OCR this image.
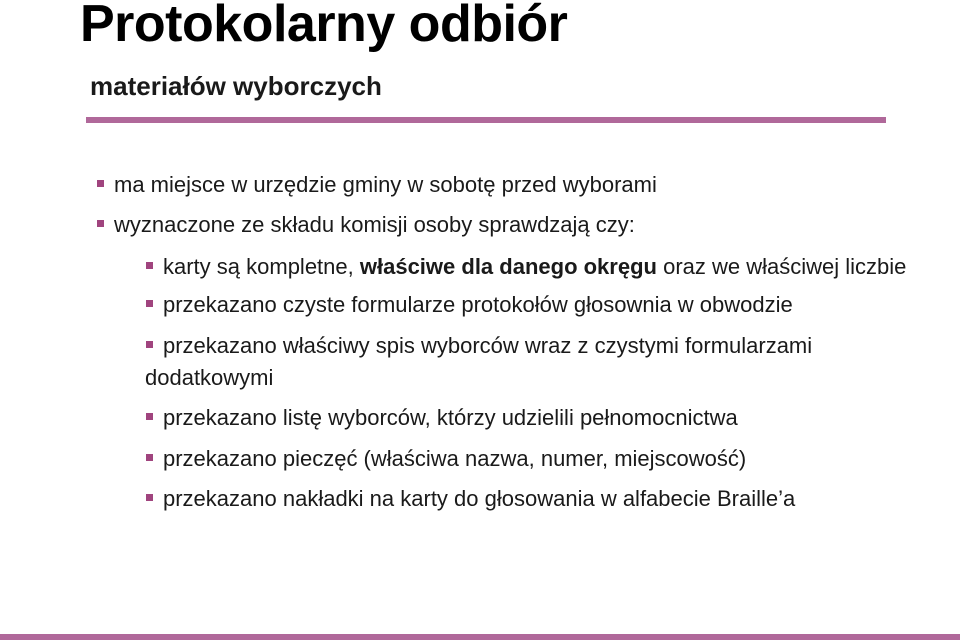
Protokolarny odbiór
materiałów wyborczych
ma miejsce w urzędzie gminy w sobotę przed wyborami
wyznaczone ze składu komisji osoby sprawdzają czy:
karty są kompletne, właściwe dla danego okręgu oraz we właściwej liczbie
przekazano czyste formularze protokołów głosownia w obwodzie
przekazano właściwy spis wyborców wraz z czystymi formularzami
dodatkowymi
przekazano listę wyborców, którzy udzielili pełnomocnictwa
przekazano pieczęć (właściwa nazwa, numer, miejscowość)
przekazano nakładki na karty do głosowania w alfabecie Braille’a
